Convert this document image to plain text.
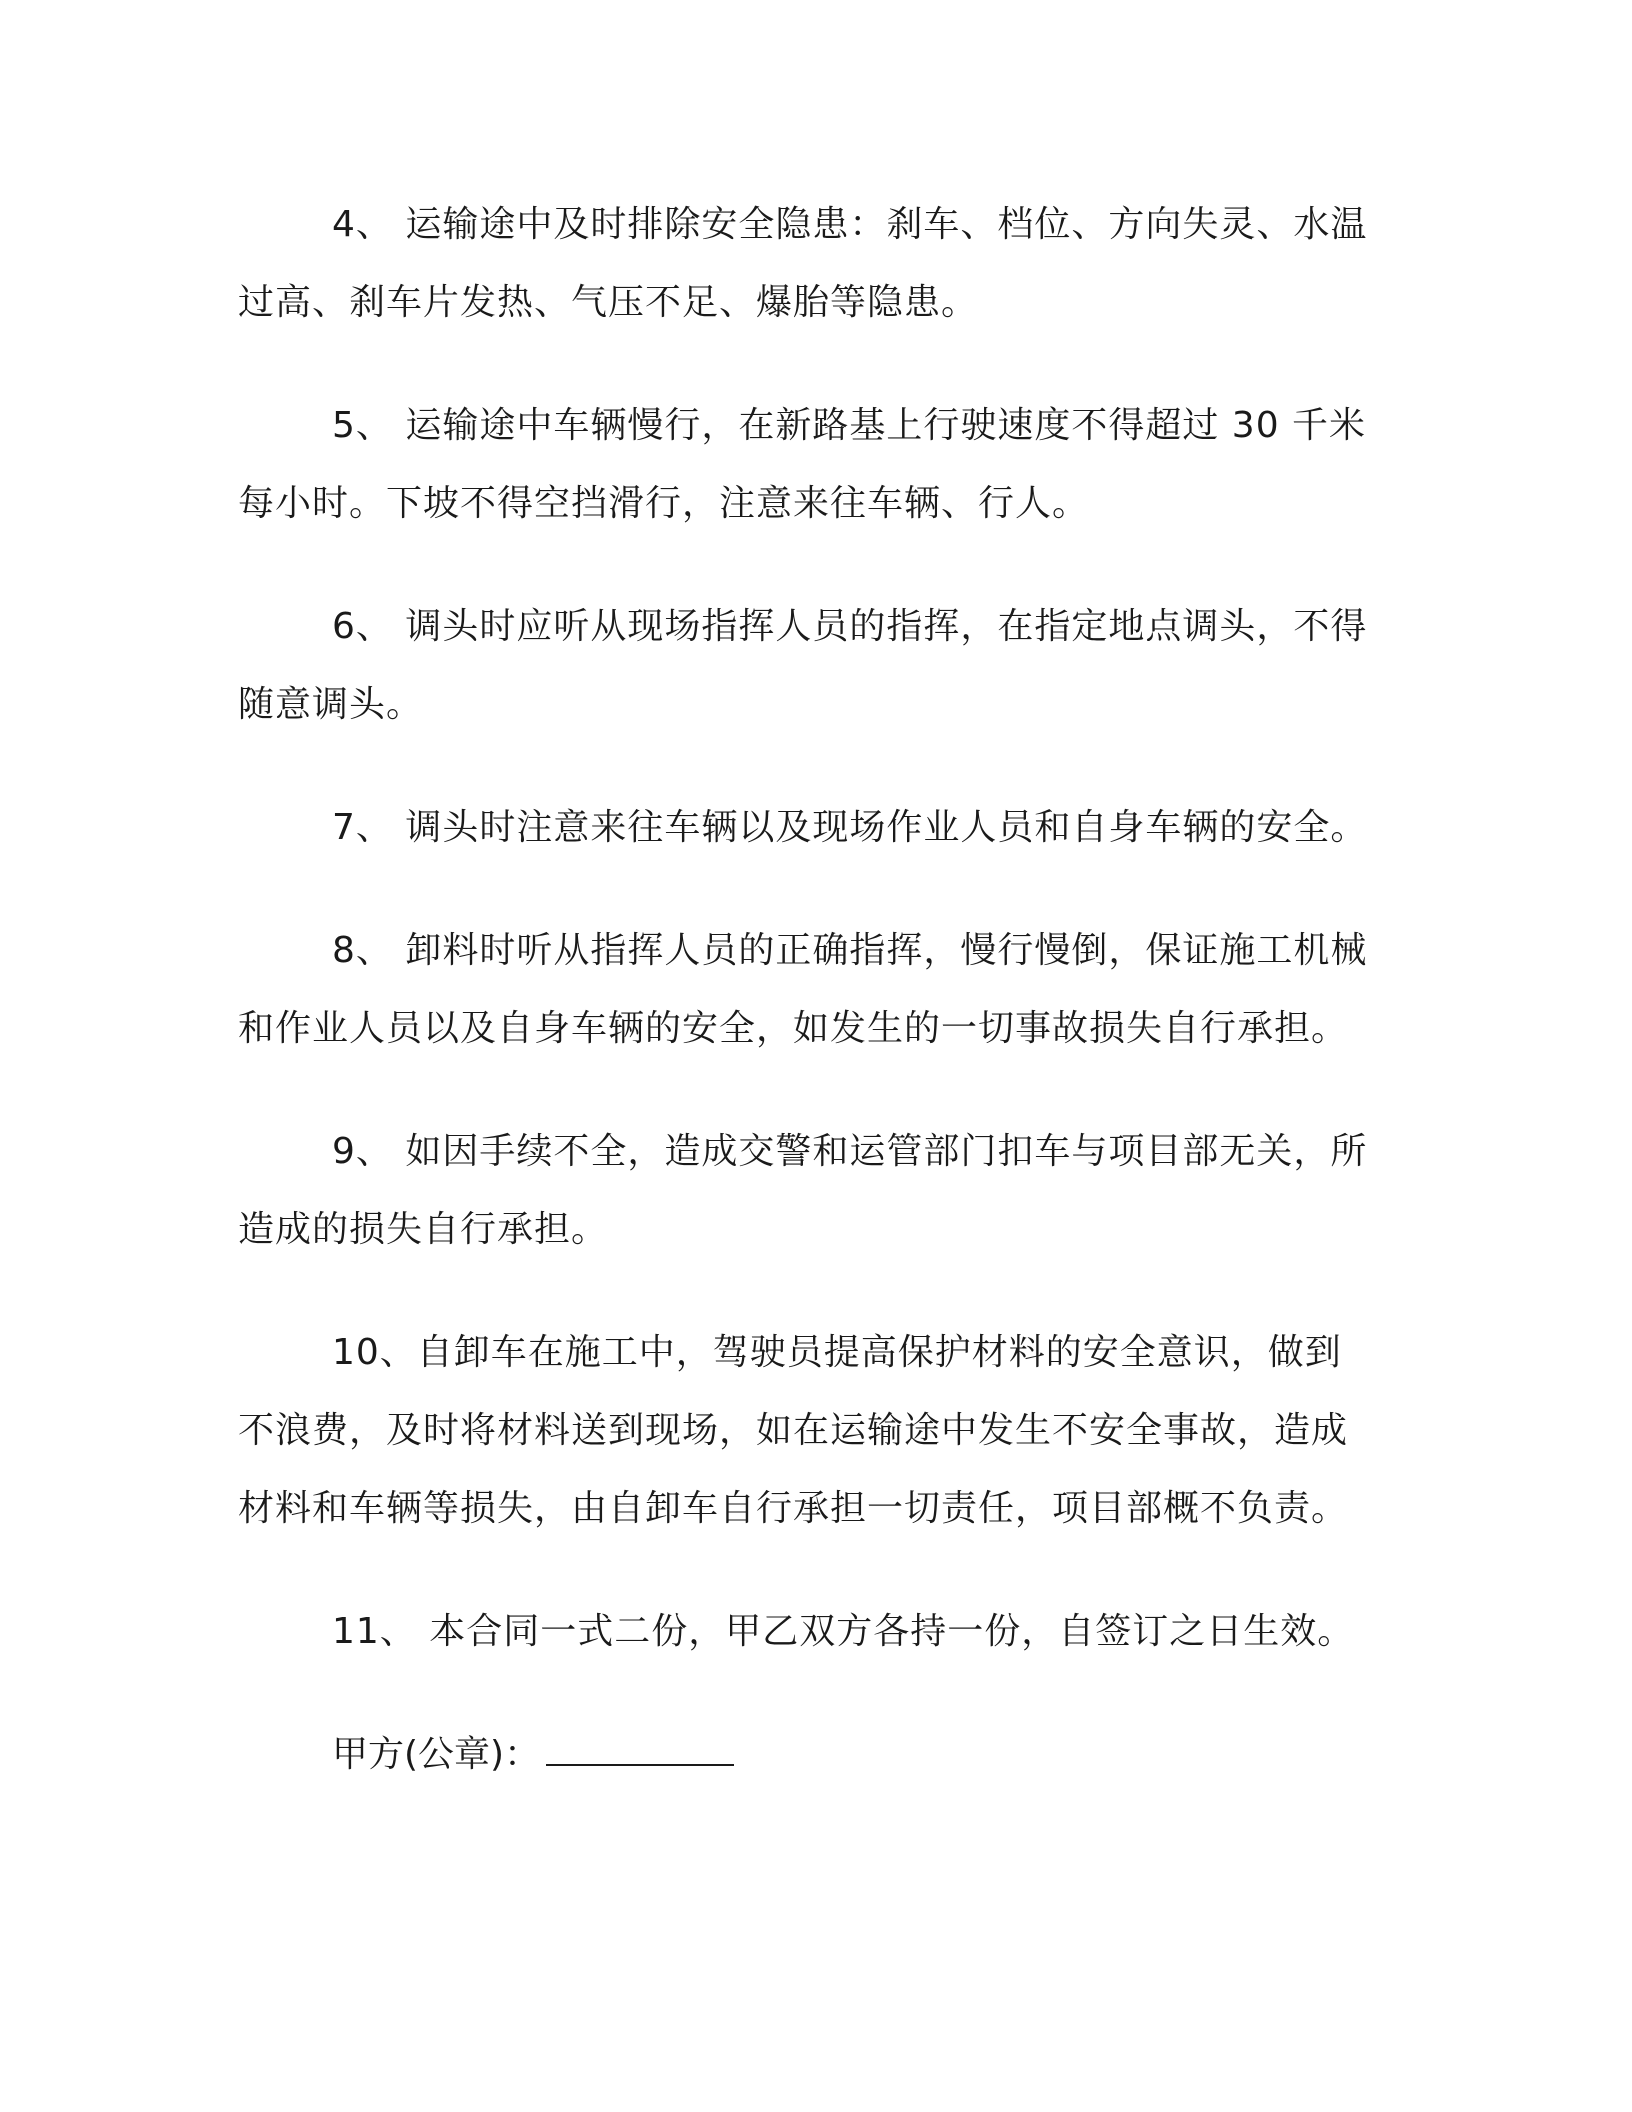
4、 运输途中及时排除安全隐患：刹车、档位、方向失灵、水温过高、刹车片发热、气压不足、爆胎等隐患。

5、 运输途中车辆慢行，在新路基上行驶速度不得超过 30 千米每小时。下坡不得空挡滑行，注意来往车辆、行人。

6、 调头时应听从现场指挥人员的指挥，在指定地点调头，不得随意调头。

7、 调头时注意来往车辆以及现场作业人员和自身车辆的安全。

8、 卸料时听从指挥人员的正确指挥，慢行慢倒，保证施工机械和作业人员以及自身车辆的安全，如发生的一切事故损失自行承担。

9、 如因手续不全，造成交警和运管部门扣车与项目部无关，所造成的损失自行承担。

10、自卸车在施工中，驾驶员提高保护材料的安全意识，做到不浪费，及时将材料送到现场，如在运输途中发生不安全事故，造成材料和车辆等损失，由自卸车自行承担一切责任，项目部概不负责。

11、 本合同一式二份，甲乙双方各持一份，自签订之日生效。

甲方(公章)：
